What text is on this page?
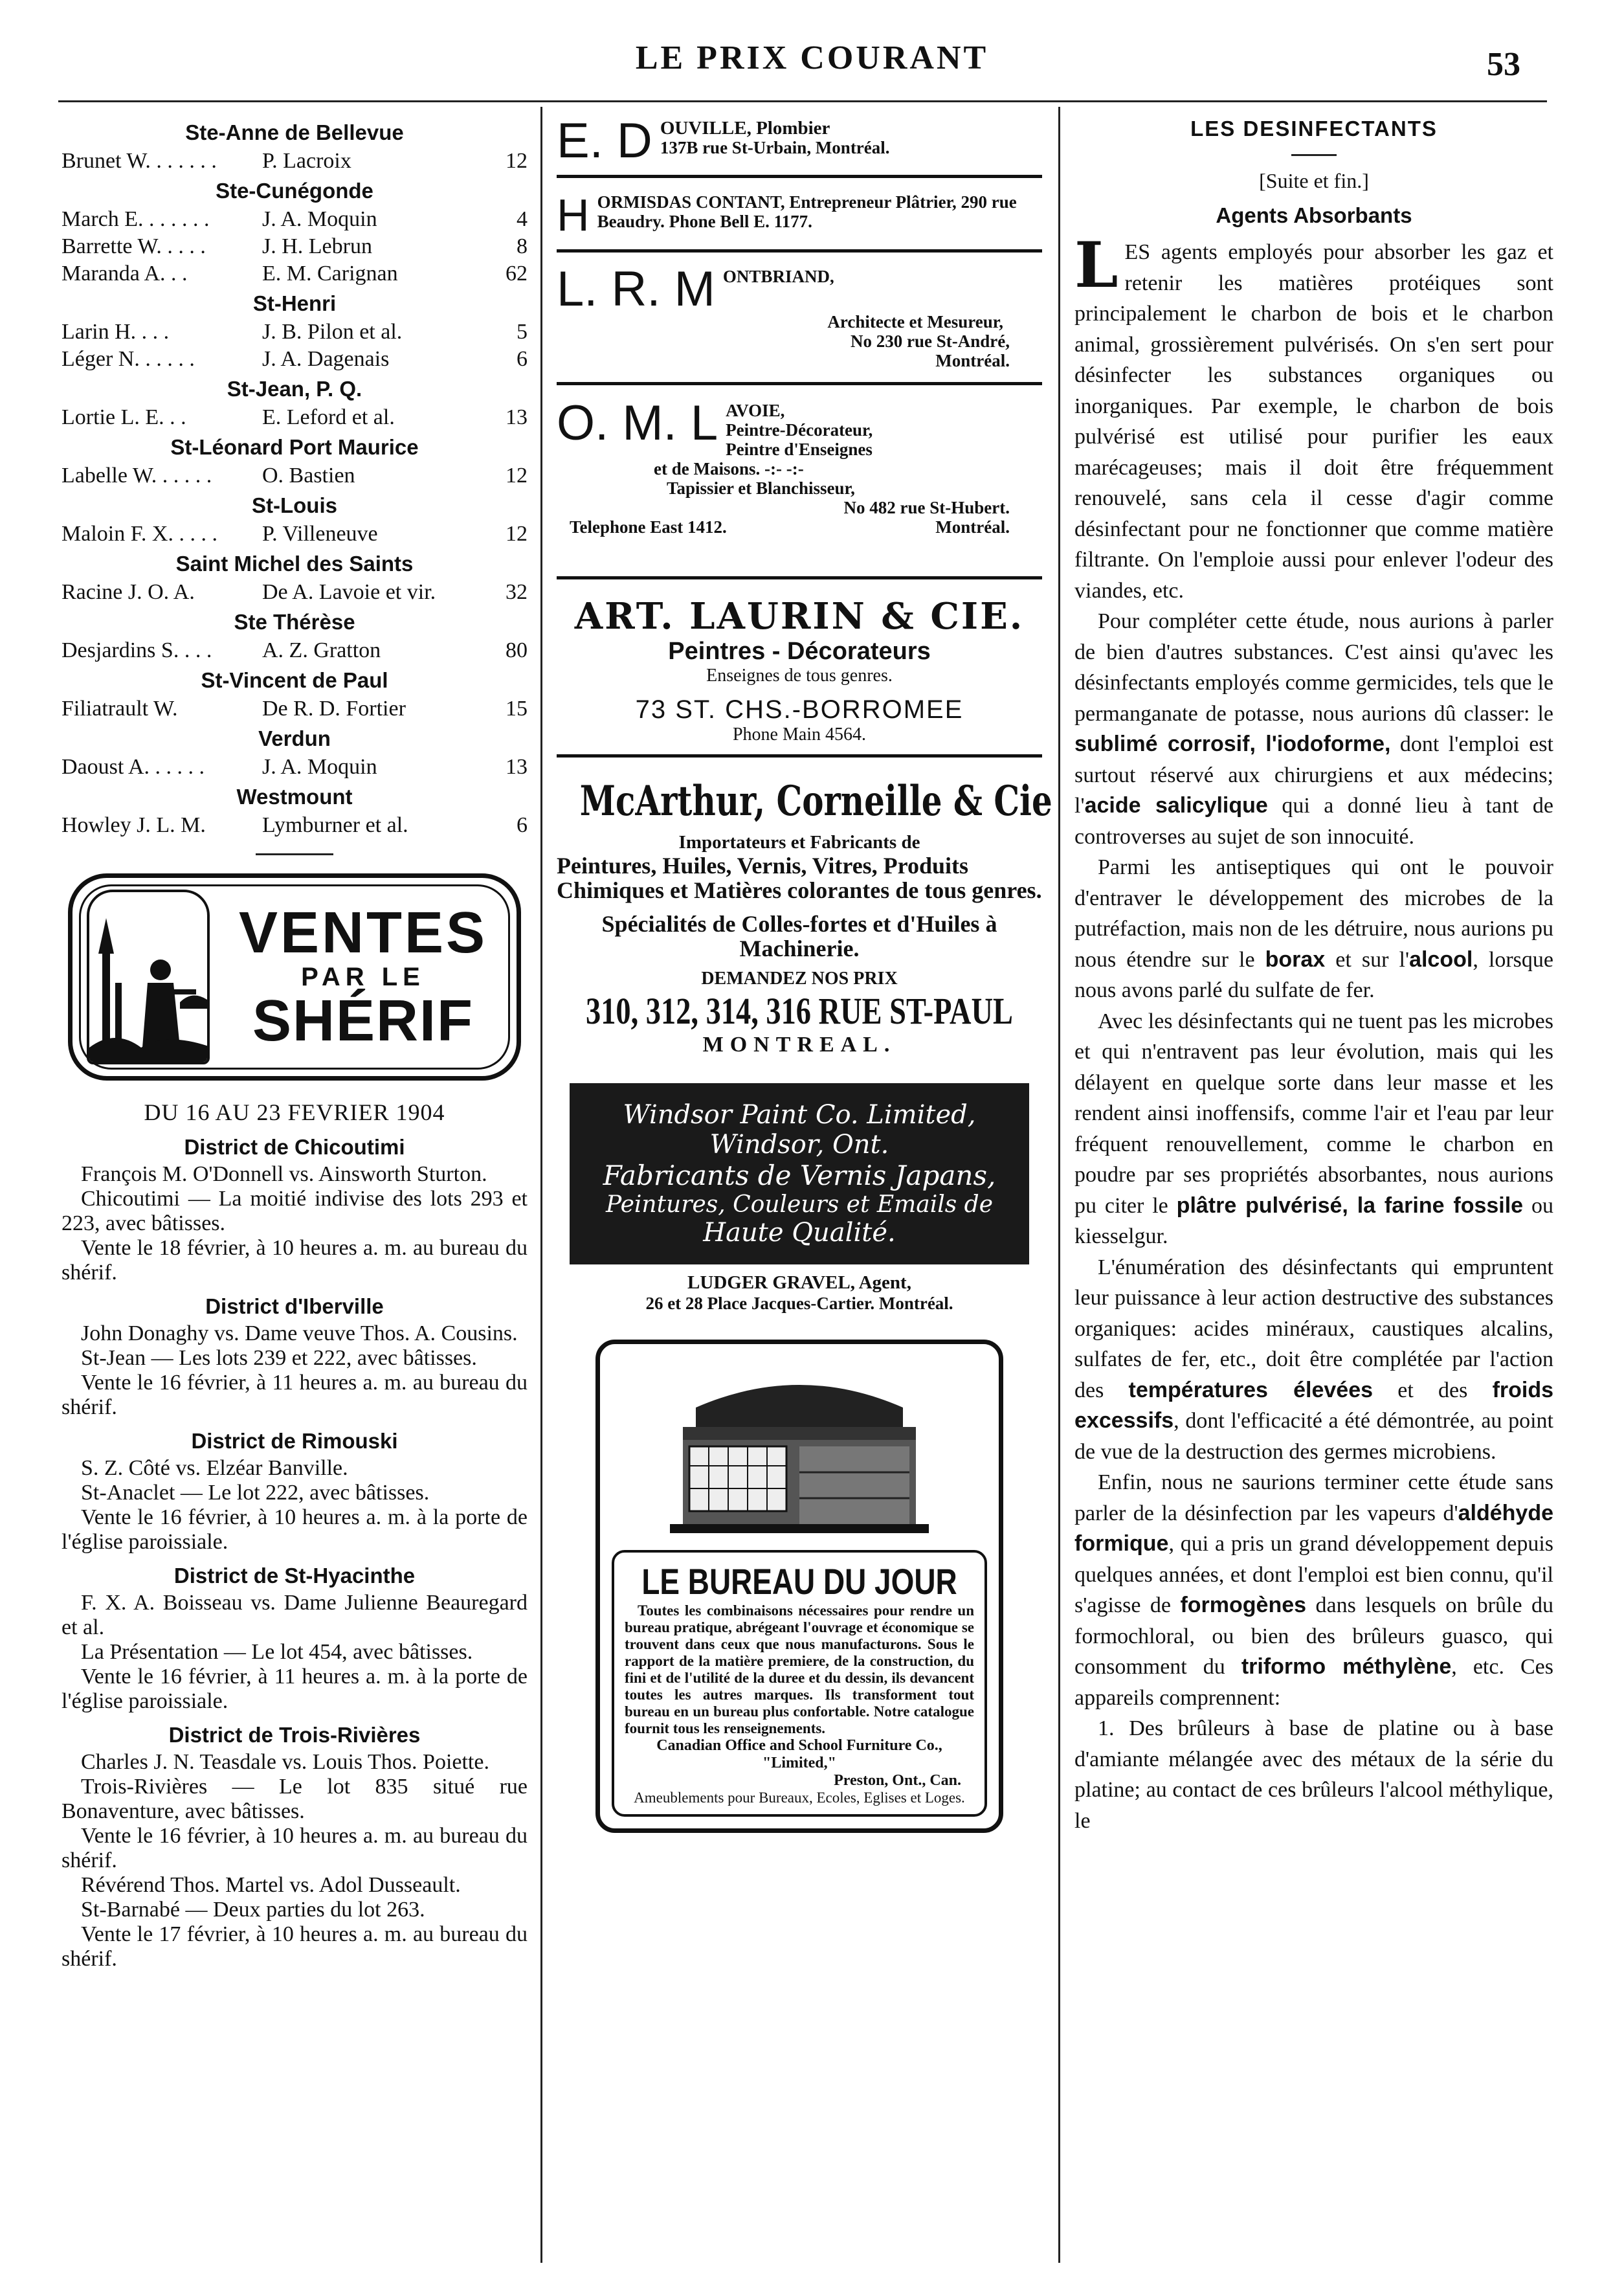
LE PRIX COURANT	53
Ste-Anne de Bellevue
Brunet W. . . . . . .	P. Lacroix	12
Ste-Cunégonde
March E. . . . . . .	J. A. Moquin	4
Barrette W. . . . .	J. H. Lebrun	8
Maranda A. . .	E. M. Carignan	62
St-Henri
Larin H. . . .	J. B. Pilon et al.	5
Léger N. . . . . .	J. A. Dagenais	6
St-Jean, P. Q.
Lortie L. E. . .	E. Leford et al.	13
St-Léonard Port Maurice
Labelle W. . . . . .	O. Bastien	12
St-Louis
Maloin F. X. . . . .	P. Villeneuve	12
Saint Michel des Saints
Racine J. O. A.	De A. Lavoie et vir.	32
Ste Thérèse
Desjardins S. . . .	A. Z. Gratton	80
St-Vincent de Paul
Filiatrault W.	De R. D. Fortier	15
Verdun
Daoust A. . . . . .	J. A. Moquin	13
Westmount
Howley J. L. M.	Lymburner et al.	6
VENTES
PAR LE
SHÉRIF
DU 16 AU 23 FEVRIER 1904
District de Chicoutimi
François M. O'Donnell vs. Ainsworth Sturton.
Chicoutimi — La moitié indivise des lots 293 et 223, avec bâtisses.
Vente le 18 février, à 10 heures a. m. au bureau du shérif.
District d'Iberville
John Donaghy vs. Dame veuve Thos. A. Cousins.
St-Jean — Les lots 239 et 222, avec bâtisses.
Vente le 16 février, à 11 heures a. m. au bureau du shérif.
District de Rimouski
S. Z. Côté vs. Elzéar Banville.
St-Anaclet — Le lot 222, avec bâtisses.
Vente le 16 février, à 10 heures a. m. à la porte de l'église paroissiale.
District de St-Hyacinthe
F. X. A. Boisseau vs. Dame Julienne Beauregard et al.
La Présentation — Le lot 454, avec bâtisses.
Vente le 16 février, à 11 heures a. m. à la porte de l'église paroissiale.
District de Trois-Rivières
Charles J. N. Teasdale vs. Louis Thos. Poiette.
Trois-Rivières — Le lot 835 situé rue Bonaventure, avec bâtisses.
Vente le 16 février, à 10 heures a. m. au bureau du shérif.
Révérend Thos. Martel vs. Adol Dusseault.
St-Barnabé — Deux parties du lot 263.
Vente le 17 février, à 10 heures a. m. au bureau du shérif.
E. D OUVILLE, Plombier
137B rue St-Urbain, Montréal.
H ORMISDAS CONTANT, Entrepreneur Plâtrier, 290 rue Beaudry. Phone Bell E. 1177.
L. R. M ONTBRIAND,
Architecte et Mesureur,
No 230 rue St-André,
Montréal.
O. M. L AVOIE,
Peintre-Décorateur,
Peintre d'Enseignes
et de Maisons. -:- -:-
Tapissier et Blanchisseur,
No 482 rue St-Hubert.
Telephone East 1412.	Montréal.
ART. LAURIN & CIE.
Peintres - Décorateurs
Enseignes de tous genres.
73 ST. CHS.-BORROMEE
Phone Main 4564.
McArthur, Corneille & Cie
Importateurs et Fabricants de
Peintures, Huiles, Vernis, Vitres, Produits Chimiques et Matières colorantes de tous genres.
Spécialités de Colles-fortes et d'Huiles à Machinerie.
DEMANDEZ NOS PRIX
310, 312, 314, 316 RUE ST-PAUL
MONTREAL.
Windsor Paint Co. Limited,
Windsor, Ont.
Fabricants de Vernis Japans,
Peintures, Couleurs et Emails de
Haute Qualité.
LUDGER GRAVEL, Agent,
26 et 28 Place Jacques-Cartier. Montréal.
LE BUREAU DU JOUR
Toutes les combinaisons nécessaires pour rendre un bureau pratique, abrégeant l'ouvrage et économique se trouvent dans ceux que nous manufacturons. Sous le rapport de la matière premiere, de la construction, du fini et de l'utilité de la duree et du dessin, ils devancent toutes les autres marques. Ils transforment tout bureau en un bureau plus confortable. Notre catalogue fournit tous les renseignements.
Canadian Office and School Furniture Co., "Limited,"
Preston, Ont., Can.
Ameublements pour Bureaux, Ecoles, Eglises et Loges.
LES DESINFECTANTS
[Suite et fin.]
Agents Absorbants
LES agents employés pour absorber les gaz et retenir les matières protéiques sont principalement le charbon de bois et le charbon animal, grossièrement pulvérisés. On s'en sert pour désinfecter les substances organiques ou inorganiques. Par exemple, le charbon de bois pulvérisé est utilisé pour purifier les eaux marécageuses; mais il doit être fréquemment renouvelé, sans cela il cesse d'agir comme désinfectant pour ne fonctionner que comme matière filtrante. On l'emploie aussi pour enlever l'odeur des viandes, etc.
Pour compléter cette étude, nous aurions à parler de bien d'autres substances. C'est ainsi qu'avec les désinfectants employés comme germicides, tels que le permanganate de potasse, nous aurions dû classer: le sublimé corrosif, l'iodoforme, dont l'emploi est surtout réservé aux chirurgiens et aux médecins; l'acide salicylique qui a donné lieu à tant de controverses au sujet de son innocuité.
Parmi les antiseptiques qui ont le pouvoir d'entraver le développement des microbes de la putréfaction, mais non de les détruire, nous aurions pu nous étendre sur le borax et sur l'alcool, lorsque nous avons parlé du sulfate de fer.
Avec les désinfectants qui ne tuent pas les microbes et qui n'entravent pas leur évolution, mais qui les délayent en quelque sorte dans leur masse et les rendent ainsi inoffensifs, comme l'air et l'eau par leur fréquent renouvellement, comme le charbon en poudre par ses propriétés absorbantes, nous aurions pu citer le plâtre pulvérisé, la farine fossile ou kiesselgur.
L'énumération des désinfectants qui empruntent leur puissance à leur action destructive des substances organiques: acides minéraux, caustiques alcalins, sulfates de fer, etc., doit être complétée par l'action des températures élevées et des froids excessifs, dont l'efficacité a été démontrée, au point de vue de la destruction des germes microbiens.
Enfin, nous ne saurions terminer cette étude sans parler de la désinfection par les vapeurs d'aldéhyde formique, qui a pris un grand développement depuis quelques années, et dont l'emploi est bien connu, qu'il s'agisse de formogènes dans lesquels on brûle du formochloral, ou bien des brûleurs guasco, qui consomment du triformo méthylène, etc. Ces appareils comprennent:
1. Des brûleurs à base de platine ou à base d'amiante mélangée avec des métaux de la série du platine; au contact de ces brûleurs l'alcool méthylique, le
